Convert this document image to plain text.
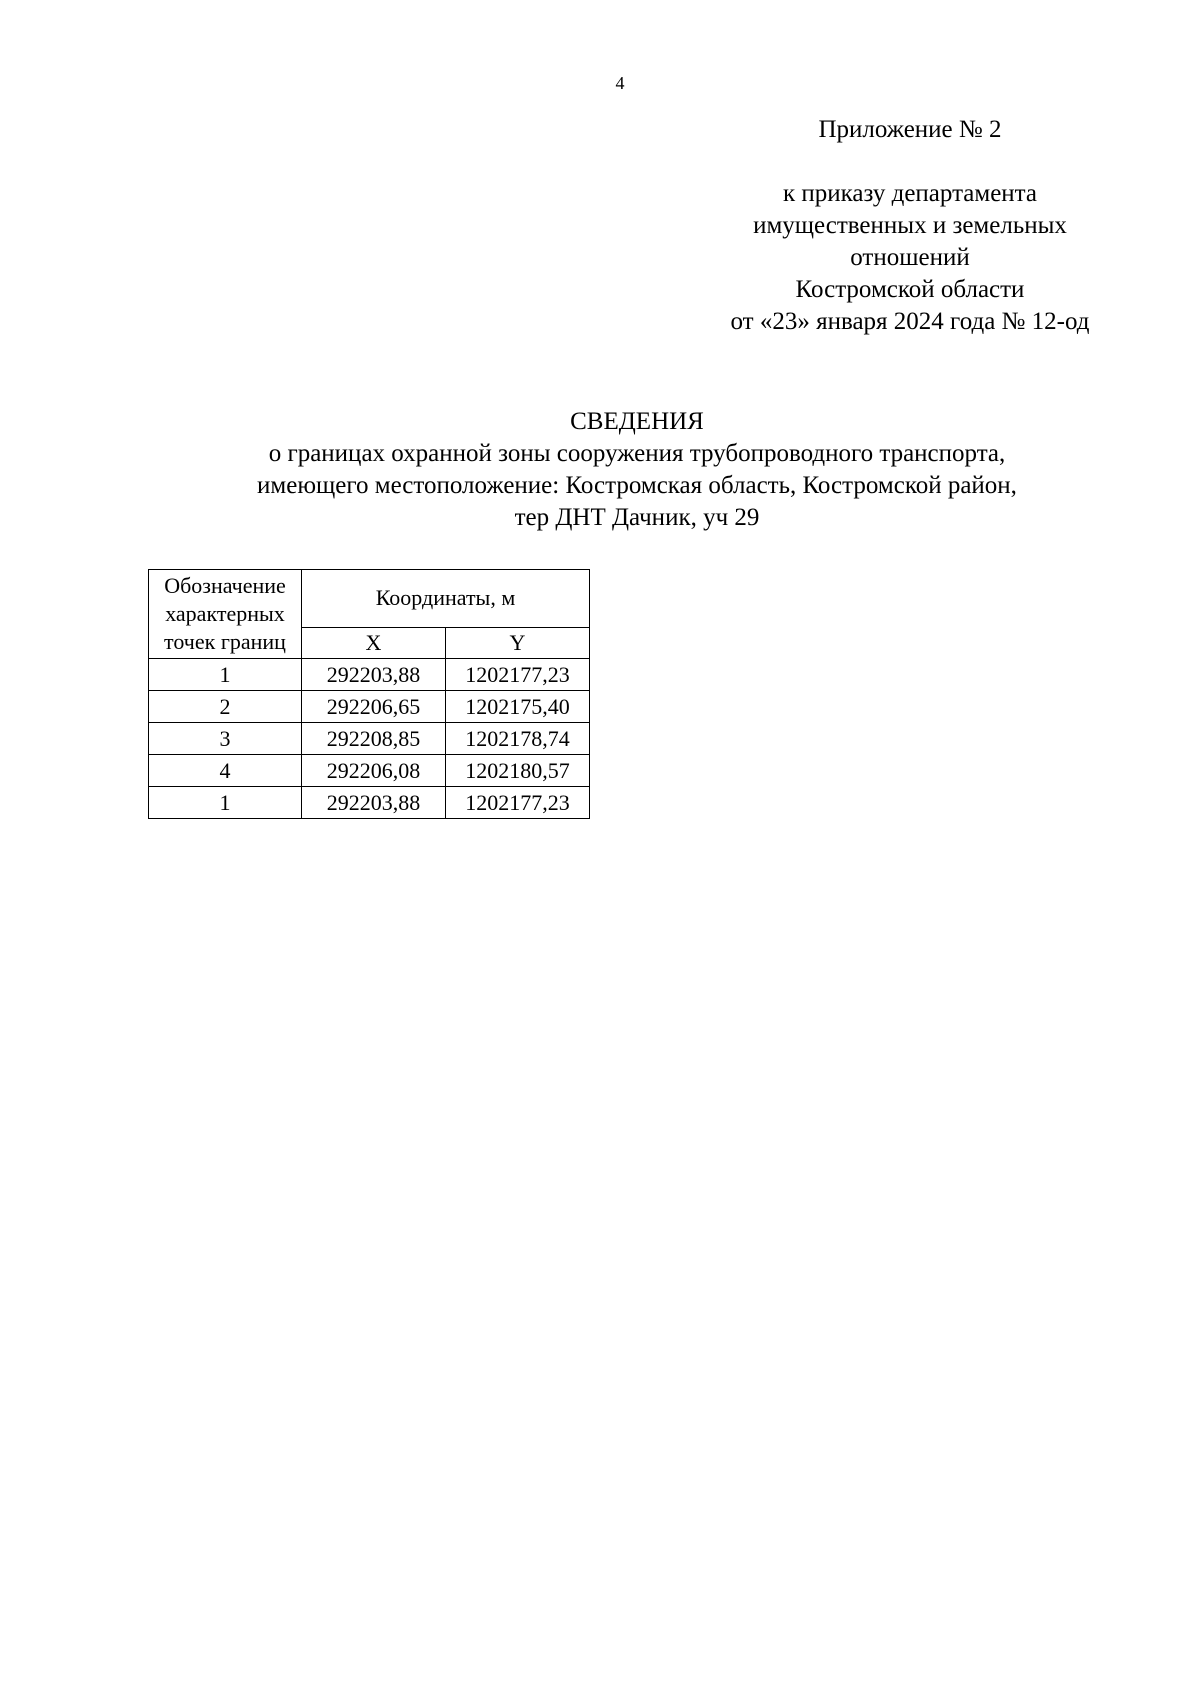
4
Приложение № 2
к приказу департамента
имущественных и земельных
отношений
Костромской области
от «23» января 2024 года № 12-од
СВЕДЕНИЯ
о границах охранной зоны сооружения трубопроводного транспорта,
имеющего местоположение: Костромская область, Костромской район,
тер ДНТ Дачник, уч 29
Обозначение
характерных
точек границ	Координаты, м	
	X	Y
1	292203,88	1202177,23
2	292206,65	1202175,40
3	292208,85	1202178,74
4	292206,08	1202180,57
1	292203,88	1202177,23
